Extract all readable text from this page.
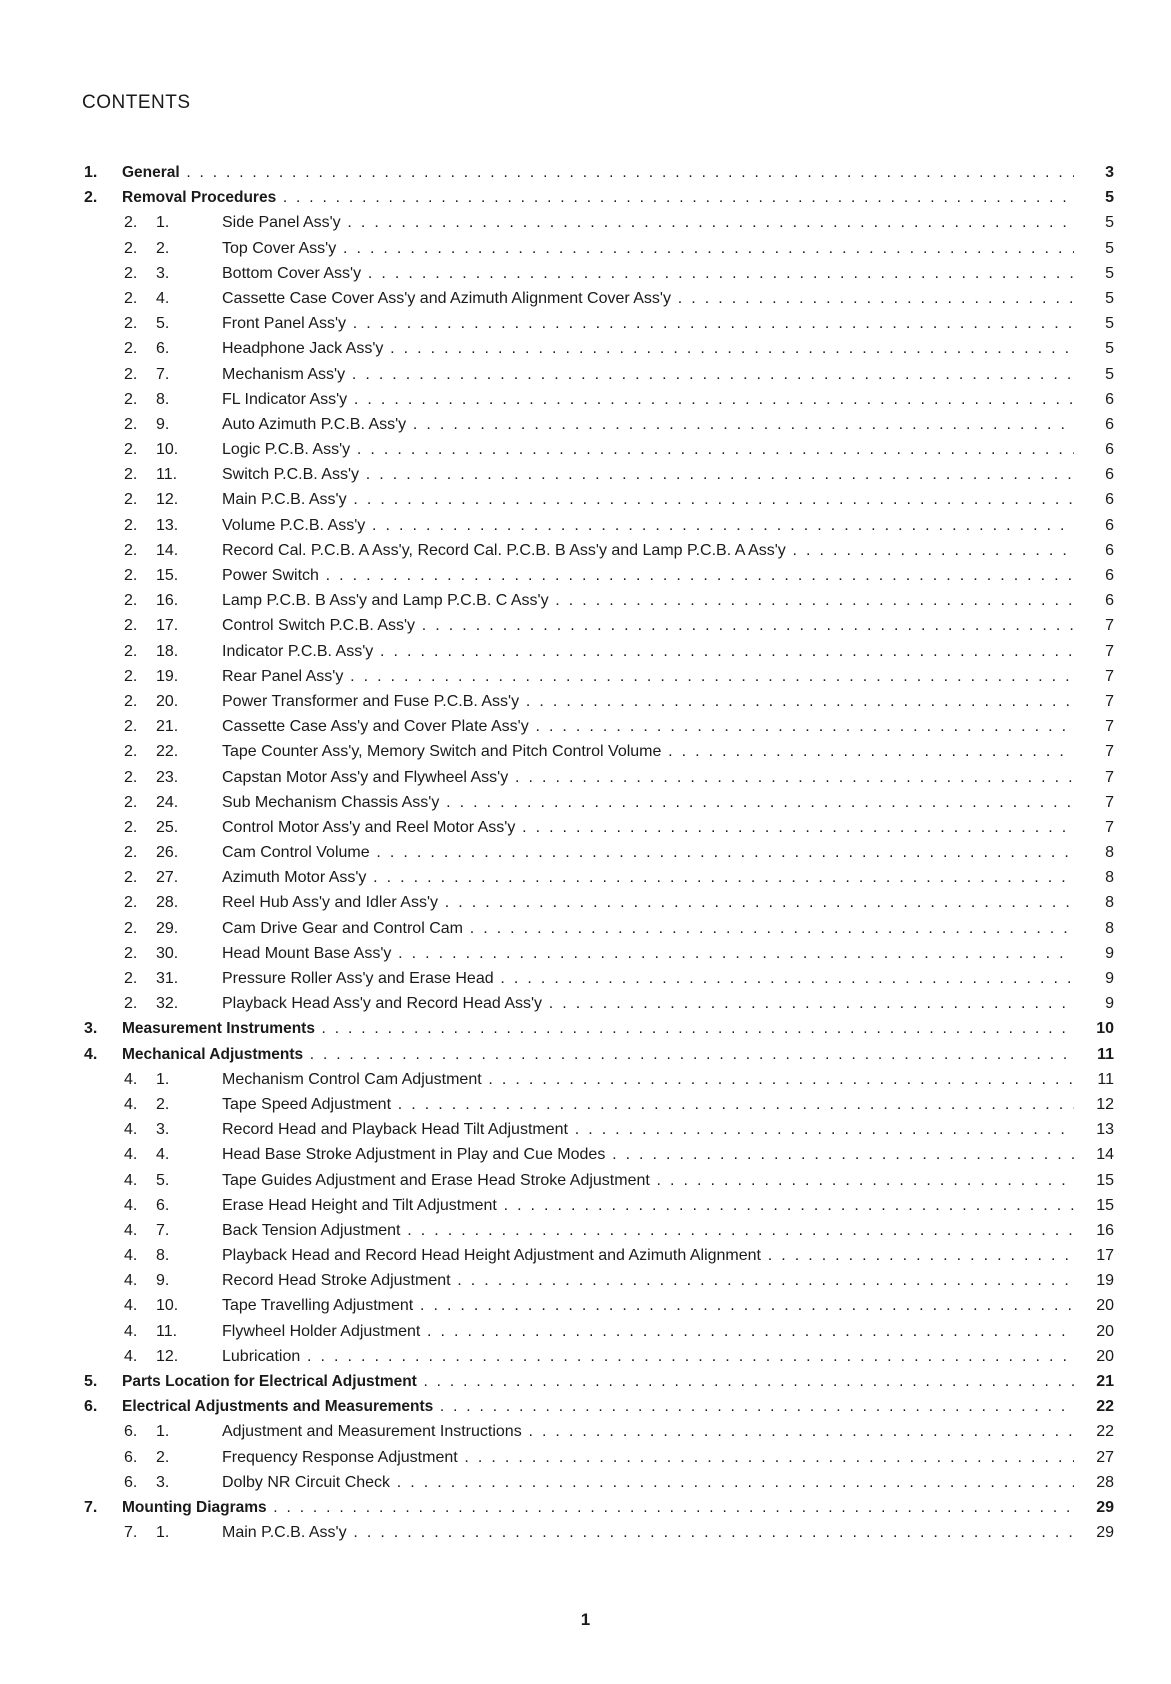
CONTENTS
1.	General . . .	3
2.	Removal Procedures . . .	5
2.	1.	Side Panel Ass'y . . .	5
2.	2.	Top Cover Ass'y . . .	5
2.	3.	Bottom Cover Ass'y . . .	5
2.	4.	Cassette Case Cover Ass'y and Azimuth Alignment Cover Ass'y . . .	5
2.	5.	Front Panel Ass'y . . .	5
2.	6.	Headphone Jack Ass'y . . .	5
2.	7.	Mechanism Ass'y . . .	5
2.	8.	FL Indicator Ass'y . . .	6
2.	9.	Auto Azimuth P.C.B. Ass'y . . .	6
2.	10.	Logic P.C.B. Ass'y . . .	6
2.	11.	Switch P.C.B. Ass'y . . .	6
2.	12.	Main P.C.B. Ass'y . . .	6
2.	13.	Volume P.C.B. Ass'y . . .	6
2.	14.	Record Cal. P.C.B. A Ass'y, Record Cal. P.C.B. B Ass'y and Lamp P.C.B. A Ass'y . . .	6
2.	15.	Power Switch . . .	6
2.	16.	Lamp P.C.B. B Ass'y and Lamp P.C.B. C Ass'y . . .	6
2.	17.	Control Switch P.C.B. Ass'y . . .	7
2.	18.	Indicator P.C.B. Ass'y . . .	7
2.	19.	Rear Panel Ass'y . . .	7
2.	20.	Power Transformer and Fuse P.C.B. Ass'y . . .	7
2.	21.	Cassette Case Ass'y and Cover Plate Ass'y . . .	7
2.	22.	Tape Counter Ass'y, Memory Switch and Pitch Control Volume . . .	7
2.	23.	Capstan Motor Ass'y and Flywheel Ass'y . . .	7
2.	24.	Sub Mechanism Chassis Ass'y . . .	7
2.	25.	Control Motor Ass'y and Reel Motor Ass'y . . .	7
2.	26.	Cam Control Volume . . .	8
2.	27.	Azimuth Motor Ass'y . . .	8
2.	28.	Reel Hub Ass'y and Idler Ass'y . . .	8
2.	29.	Cam Drive Gear and Control Cam . . .	8
2.	30.	Head Mount Base Ass'y . . .	9
2.	31.	Pressure Roller Ass'y and Erase Head . . .	9
2.	32.	Playback Head Ass'y and Record Head Ass'y . . .	9
3.	Measurement Instruments . . .	10
4.	Mechanical Adjustments . . .	11
4.	1.	Mechanism Control Cam Adjustment . . .	11
4.	2.	Tape Speed Adjustment . . .	12
4.	3.	Record Head and Playback Head Tilt Adjustment . . .	13
4.	4.	Head Base Stroke Adjustment in Play and Cue Modes . . .	14
4.	5.	Tape Guides Adjustment and Erase Head Stroke Adjustment . . .	15
4.	6.	Erase Head Height and Tilt Adjustment . . .	15
4.	7.	Back Tension Adjustment . . .	16
4.	8.	Playback Head and Record Head Height Adjustment and Azimuth Alignment . . .	17
4.	9.	Record Head Stroke Adjustment . . .	19
4.	10.	Tape Travelling Adjustment . . .	20
4.	11.	Flywheel Holder Adjustment . . .	20
4.	12.	Lubrication . . .	20
5.	Parts Location for Electrical Adjustment . . .	21
6.	Electrical Adjustments and Measurements . . .	22
6.	1.	Adjustment and Measurement Instructions . . .	22
6.	2.	Frequency Response Adjustment . . .	27
6.	3.	Dolby NR Circuit Check . . .	28
7.	Mounting Diagrams . . .	29
7.	1.	Main P.C.B. Ass'y . . .	29
1
